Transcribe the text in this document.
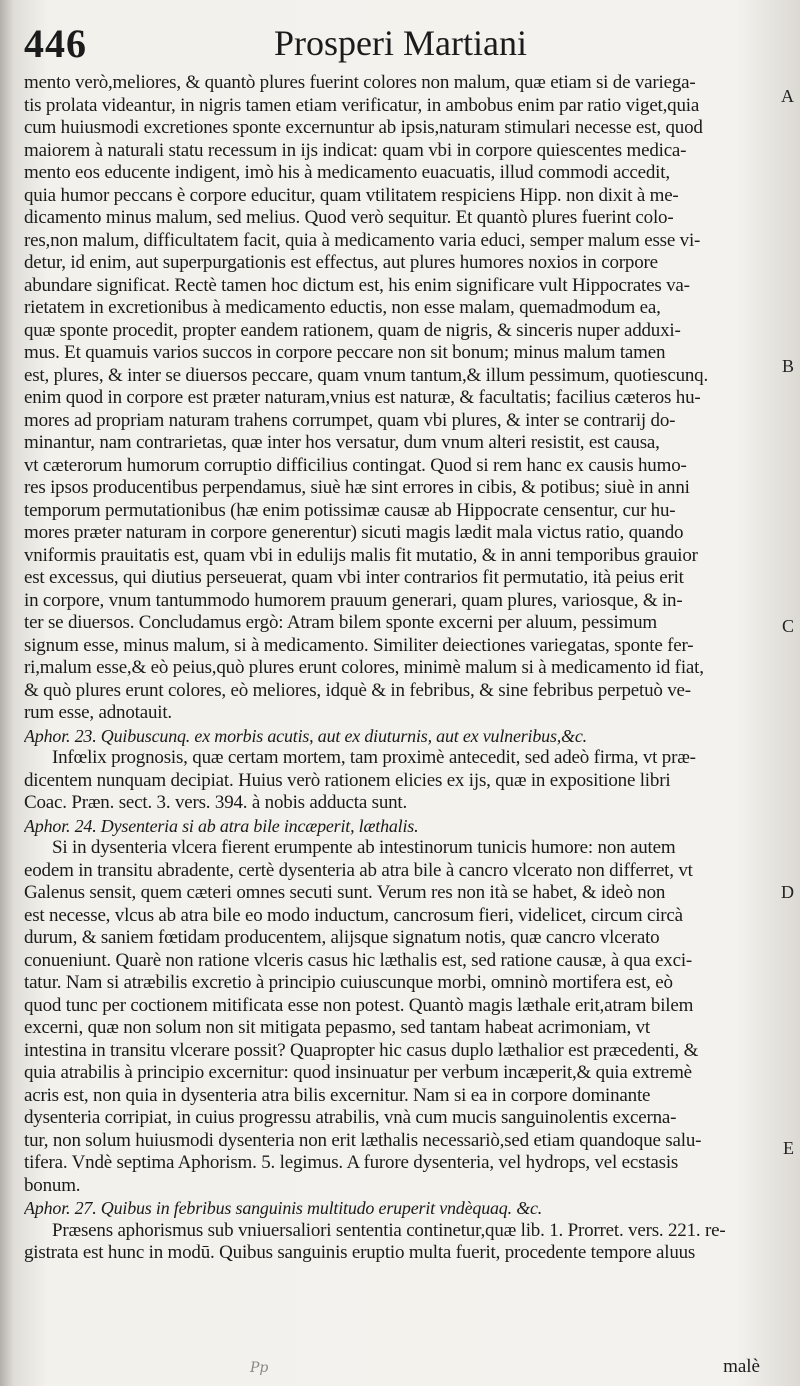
446	Prosperi Martiani
mento verò,meliores, & quantò plures fuerint colores non malum, quæ etiam si de variega-
tis prolata videantur, in nigris tamen etiam verificatur, in ambobus enim par ratio viget,quia
cum huiusmodi excretiones sponte excernuntur ab ipsis,naturam stimulari necesse est, quod
maiorem à naturali statu recessum in ijs indicat: quam vbi in corpore quiescentes medica-
mento eos educente indigent, imò his à medicamento euacuatis, illud commodi accedit,
quia humor peccans è corpore educitur, quam vtilitatem respiciens Hipp. non dixit à me-
dicamento minus malum, sed melius. Quod verò sequitur. Et quantò plures fuerint colo-
res,non malum, difficultatem facit, quia à medicamento varia educi, semper malum esse vi-
detur, id enim, aut superpurgationis est effectus, aut plures humores noxios in corpore
abundare significat. Rectè tamen hoc dictum est, his enim significare vult Hippocrates va-
rietatem in excretionibus à medicamento eductis, non esse malam, quemadmodum ea,
quæ sponte procedit, propter eandem rationem, quam de nigris, & sinceris nuper adduxi-
mus. Et quamuis varios succos in corpore peccare non sit bonum; minus malum tamen
est, plures, & inter se diuersos peccare, quam vnum tantum,& illum pessimum, quotiescunq.
enim quod in corpore est præter naturam,vnius est naturæ, & facultatis; facilius cæteros hu-
mores ad propriam naturam trahens corrumpet, quam vbi plures, & inter se contrarij do-
minantur, nam contrarietas, quæ inter hos versatur, dum vnum alteri resistit, est causa,
vt cæterorum humorum corruptio difficilius contingat. Quod si rem hanc ex causis humo-
res ipsos producentibus perpendamus, siuè hæ sint errores in cibis, & potibus; siuè in anni
temporum permutationibus (hæ enim potissimæ causæ ab Hippocrate censentur, cur hu-
mores præter naturam in corpore generentur) sicuti magis lædit mala victus ratio, quando
vniformis prauitatis est, quam vbi in edulijs malis fit mutatio, & in anni temporibus grauior
est excessus, qui diutius perseuerat, quam vbi inter contrarios fit permutatio, ità peius erit
in corpore, vnum tantummodo humorem prauum generari, quam plures, variosque, & in-
ter se diuersos. Concludamus ergò: Atram bilem sponte excerni per aluum, pessimum
signum esse, minus malum, si à medicamento. Similiter deiectiones variegatas, sponte fer-
ri,malum esse,& eò peius,quò plures erunt colores, minimè malum si à medicamento id fiat,
& quò plures erunt colores, eò meliores, idquè & in febribus, & sine febribus perpetuò ve-
rum esse, adnotauit.
Aphor. 23. Quibuscunq. ex morbis acutis, aut ex diuturnis, aut ex vulneribus,&c.
Infœlix prognosis, quæ certam mortem, tam proximè antecedit, sed adeò firma, vt præ-
dicentem nunquam decipiat. Huius verò rationem elicies ex ijs, quæ in expositione libri
Coac. Præn. sect. 3. vers. 394. à nobis adducta sunt.
Aphor. 24. Dysenteria si ab atra bile incæperit, læthalis.
Si in dysenteria vlcera fierent erumpente ab intestinorum tunicis humore: non autem
eodem in transitu abradente, certè dysenteria ab atra bile à cancro vlcerato non differret, vt
Galenus sensit, quem cæteri omnes secuti sunt. Verum res non ità se habet, & ideò non
est necesse, vlcus ab atra bile eo modo inductum, cancrosum fieri, videlicet, circum circà
durum, & saniem fœtidam producentem, alijsque signatum notis, quæ cancro vlcerato
conueniunt. Quarè non ratione vlceris casus hic læthalis est, sed ratione causæ, à qua exci-
tatur. Nam si atræbilis excretio à principio cuiuscunque morbi, omninò mortifera est, eò
quod tunc per coctionem mitificata esse non potest. Quantò magis læthale erit,atram bilem
excerni, quæ non solum non sit mitigata pepasmo, sed tantam habeat acrimoniam, vt
intestina in transitu vlcerare possit? Quapropter hic casus duplo læthalior est præcedenti, &
quia atrabilis à principio excernitur: quod insinuatur per verbum incæperit,& quia extremè
acris est, non quia in dysenteria atra bilis excernitur. Nam si ea in corpore dominante
dysenteria corripiat, in cuius progressu atrabilis, vnà cum mucis sanguinolentis excerna-
tur, non solum huiusmodi dysenteria non erit læthalis necessariò,sed etiam quandoque salu-
tifera. Vndè septima Aphorism. 5. legimus. A furore dysenteria, vel hydrops, vel ecstasis
bonum.
Aphor. 27. Quibus in febribus sanguinis multitudo eruperit vndèquaq. &c.
Præsens aphorismus sub vniuersaliori sententia continetur,quæ lib. 1. Prorret. vers. 221. re-
gistrata est hunc in modū. Quibus sanguinis eruptio multa fuerit, procedente tempore aluus
A
B
C
D
E
Pp	malè
